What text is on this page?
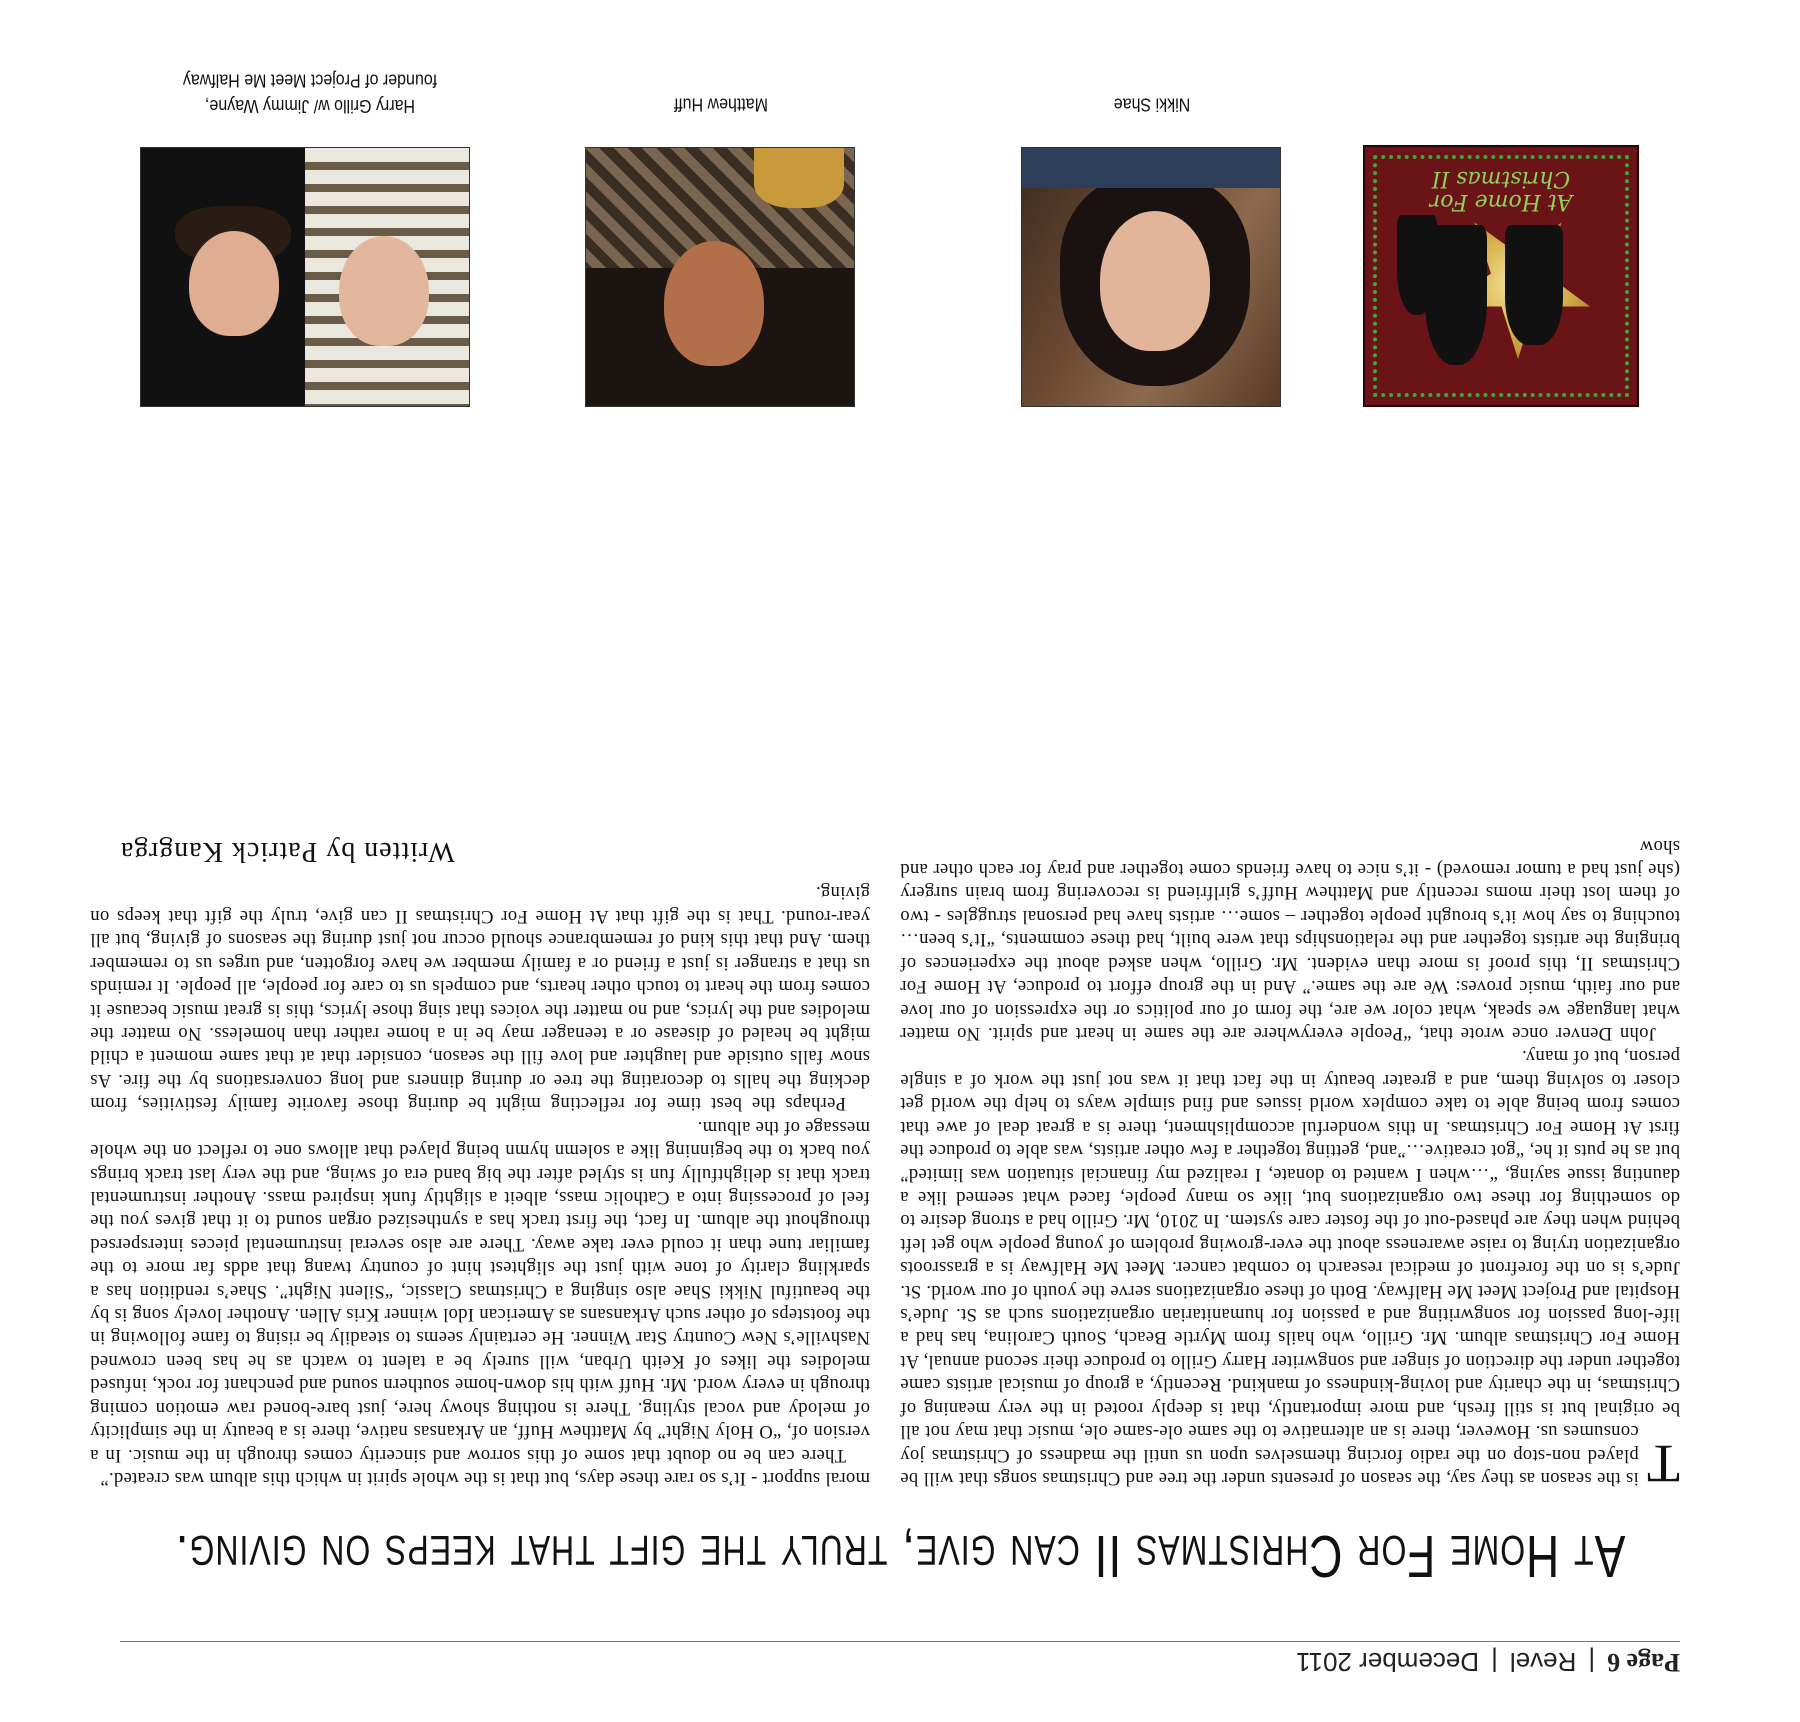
Page 6
|
Revel
|
December 2011
At Home For Christmas II can give, truly the gift that keeps on giving.

T
is the season as they say, the season of presents under the tree and Christmas songs that will be played non-stop on the radio forcing themselves upon us until the madness of Christmas joy consumes us. However, there is an alternative to the same ole-same ole, music that may not all be original but is still fresh, and more importantly, that is deeply rooted in the very meaning of Christmas, in the charity and loving-kindness of mankind. Recently, a group of musical artists came together under the direction of singer and songwriter Harry Grillo to produce their second annual, At Home For Christmas album. Mr. Grillo, who hails from Myrtle Beach, South Carolina, has had a life-long passion for songwriting and a passion for humanitarian organizations such as St. Jude’s Hospital and Project Meet Me Halfway. Both of these organizations serve the youth of our world. St. Jude’s is on the forefront of medical research to combat cancer. Meet Me Halfway is a grassroots organization trying to raise awareness about the ever-growing problem of young people who get left behind when they are phased-out of the foster care system. In 2010, Mr. Grillo had a strong desire to do something for these two organizations but, like so many people, faced what seemed like a daunting issue saying, “…when I wanted to donate, I realized my financial situation was limited” but as he puts it he, “got creative…”and, getting together a few other artists, was able to produce the first At Home For Christmas. In this wonderful accomplishment, there is a great deal of awe that comes from being able to take complex world issues and find simple ways to help the world get closer to solving them, and a greater beauty in the fact that it was not just the work of a single person, but of many.

John Denver once wrote that, “People everywhere are the same in heart and spirit. No matter what language we speak, what color we are, the form of our politics or the expression of our love and our faith, music proves: We are the same.” And in the group effort to produce, At Home For Christmas II, this proof is more than evident. Mr. Grillo, when asked about the experiences of bringing the artists together and the relationships that were built, had these comments, “It’s been… touching to say how it’s brought people together – some… artists have had personal struggles - two of them lost their moms recently and Matthew Huff’s girlfriend is recovering from brain surgery (she just had a tumor removed) - it’s nice to have friends come together and pray for each other and show

moral support - It’s so rare these days, but that is the whole spirit in which this album was created.”

There can be no doubt that some of this sorrow and sincerity comes through in the music. In a version of, “O Holy Night” by Matthew Huff, an Arkansas native, there is a beauty in the simplicity of melody and vocal styling. There is nothing showy here, just bare-boned raw emotion coming through in every word. Mr. Huff with his down-home southern sound and penchant for rock, infused melodies the likes of Keith Urban, will surely be a talent to watch as he has been crowned Nashville’s New Country Star Winner. He certainly seems to steadily be rising to fame following in the footsteps of other such Arkansans as American Idol winner Kris Allen. Another lovely song is by the beautiful Nikki Shae also singing a Christmas Classic, “Silent Night”. Shae’s rendition has a sparkling clarity of tone with just the slightest hint of country twang that adds far more to the familiar tune than it could ever take away. There are also several instrumental pieces interspersed throughout the album. In fact, the first track has a synthesized organ sound to it that gives you the feel of processing into a Catholic mass, albeit a slightly funk inspired mass. Another instrumental track that is delightfully fun is styled after the big band era of swing, and the very last track brings you back to the beginning like a solemn hymn being played that allows one to reflect on the whole message of the album.

Perhaps the best time for reflecting might be during those favorite family festivities, from decking the halls to decorating the tree or during dinners and long conversations by the fire. As snow falls outside and laughter and love fill the season, consider that at that same moment a child might be healed of disease or a teenager may be in a home rather than homeless. No matter the melodies and the lyrics, and no matter the voices that sing those lyrics, this is great music because it comes from the heart to touch other hearts, and compels us to care for people, all people. It reminds us that a stranger is just a friend or a family member we have forgotten, and urges us to remember them. And that this kind of remembrance should occur not just during the seasons of giving, but all year-round. That is the gift that At Home For Christmas II can give, truly the gift that keeps on giving.

Written by Patrick Kangrga
At Home For
Christmas II
Nikki Shae
Matthew Huff
Harry Grillo w/ Jimmy Wayne,
founder of Project Meet Me Halfway
